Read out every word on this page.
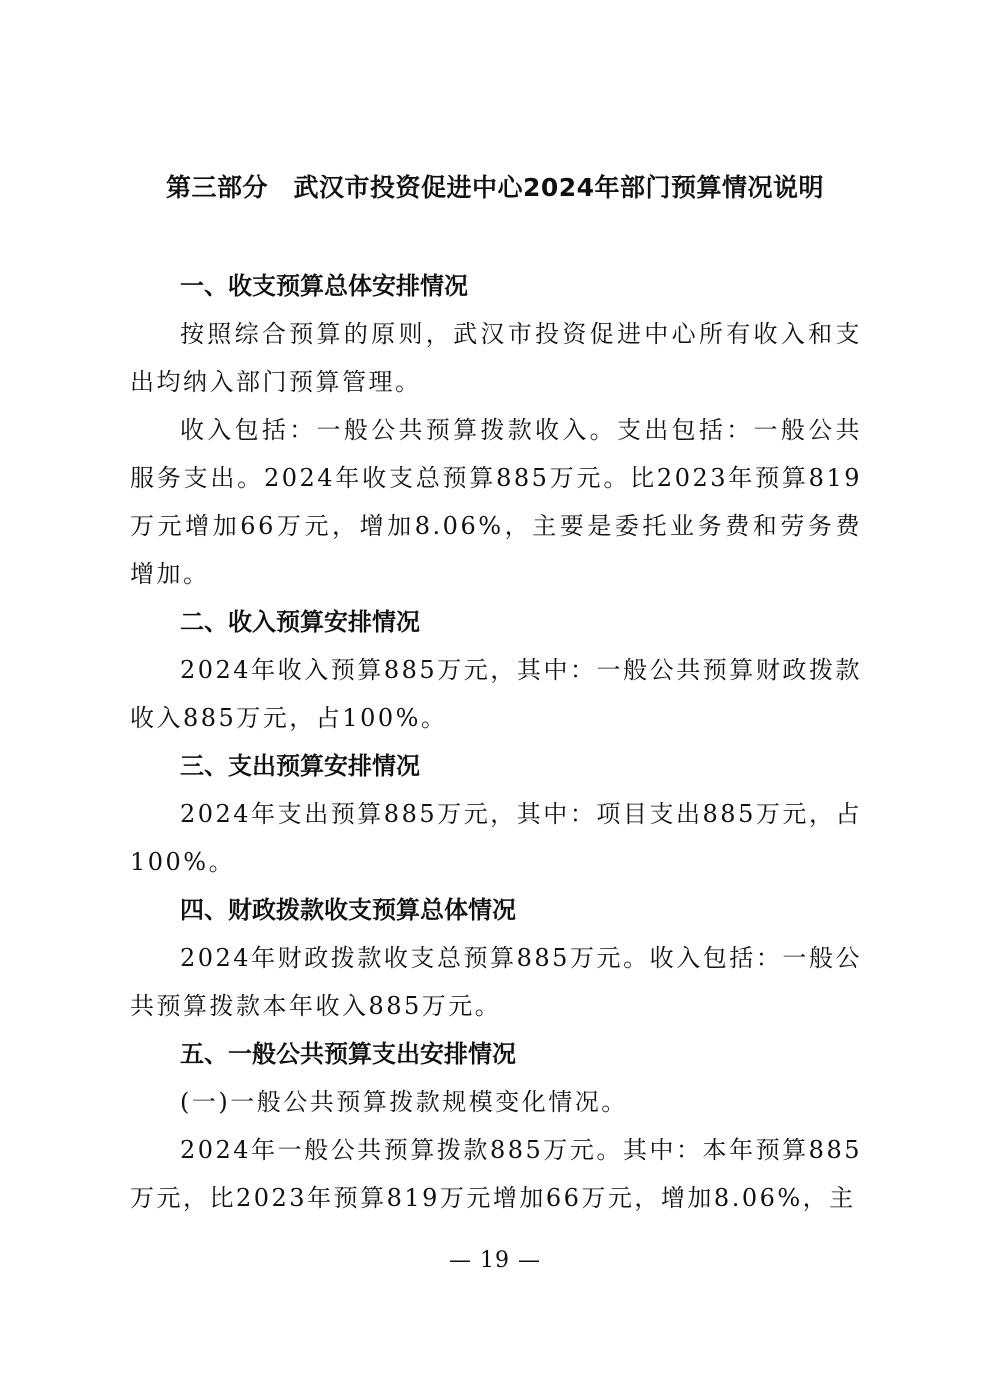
第三部分　武汉市投资促进中心2024年部门预算情况说明

一、收支预算总体安排情况

按照综合预算的原则，武汉市投资促进中心所有收入和支出均纳入部门预算管理。

收入包括：一般公共预算拨款收入。支出包括：一般公共服务支出。2024年收支总预算885万元。比2023年预算819万元增加66万元，增加8.06%，主要是委托业务费和劳务费增加。

二、收入预算安排情况

2024年收入预算885万元，其中：一般公共预算财政拨款收入885万元，占100%。

三、支出预算安排情况

2024年支出预算885万元，其中：项目支出885万元，占100%。

四、财政拨款收支预算总体情况

2024年财政拨款收支总预算885万元。收入包括：一般公共预算拨款本年收入885万元。

五、一般公共预算支出安排情况

(一)一般公共预算拨款规模变化情况。

2024年一般公共预算拨款885万元。其中：本年预算885万元，比2023年预算819万元增加66万元，增加8.06%，主

— 19 —
